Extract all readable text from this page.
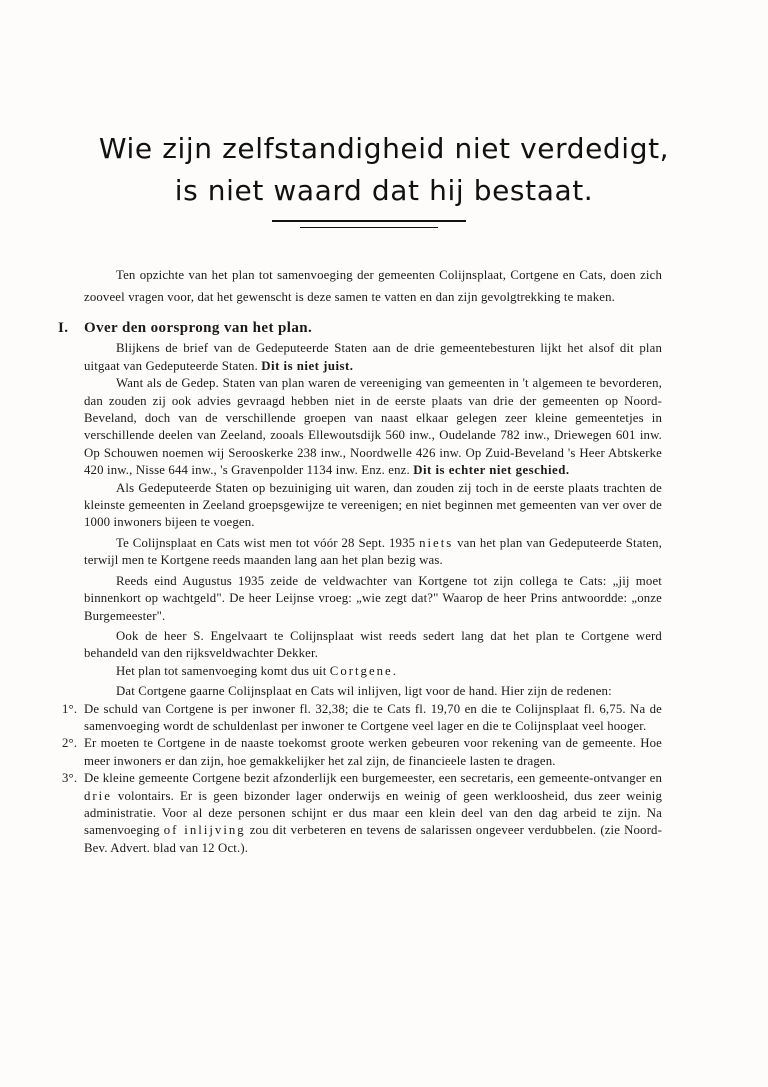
Wie zijn zelfstandigheid niet verdedigt,
is niet waard dat hij bestaat.

Ten opzichte van het plan tot samenvoeging der gemeenten Colijnsplaat, Cortgene en Cats, doen zich zooveel vragen voor, dat het gewenscht is deze samen te vatten en dan zijn gevolgtrekking te maken.

I. Over den oorsprong van het plan.

Blijkens de brief van de Gedeputeerde Staten aan de drie gemeentebesturen lijkt het alsof dit plan uitgaat van Gedeputeerde Staten. Dit is niet juist.

Want als de Gedep. Staten van plan waren de vereeniging van gemeenten in 't algemeen te bevorderen, dan zouden zij ook advies gevraagd hebben niet in de eerste plaats van drie der gemeenten op Noord-Beveland, doch van de verschillende groepen van naast elkaar gelegen zeer kleine gemeentetjes in verschillende deelen van Zeeland, zooals Ellewoutsdijk 560 inw., Oudelande 782 inw., Driewegen 601 inw. Op Schouwen noemen wij Serooskerke 238 inw., Noordwelle 426 inw. Op Zuid-Beveland 's Heer Abtskerke 420 inw., Nisse 644 inw., 's Gravenpolder 1134 inw. Enz. enz. Dit is echter niet geschied.

Als Gedeputeerde Staten op bezuiniging uit waren, dan zouden zij toch in de eerste plaats trachten de kleinste gemeenten in Zeeland groepsgewijze te vereenigen; en niet beginnen met gemeenten van ver over de 1000 inwoners bijeen te voegen.

Te Colijnsplaat en Cats wist men tot vóór 28 Sept. 1935 niets van het plan van Gedeputeerde Staten, terwijl men te Kortgene reeds maanden lang aan het plan bezig was.

Reeds eind Augustus 1935 zeide de veldwachter van Kortgene tot zijn collega te Cats: „jij moet binnenkort op wachtgeld". De heer Leijnse vroeg: „wie zegt dat?" Waarop de heer Prins antwoordde: „onze Burgemeester".

Ook de heer S. Engelvaart te Colijnsplaat wist reeds sedert lang dat het plan te Cortgene werd behandeld van den rijksveldwachter Dekker.

Het plan tot samenvoeging komt dus uit Cortgene.

Dat Cortgene gaarne Colijnsplaat en Cats wil inlijven, ligt voor de hand. Hier zijn de redenen:

1°. De schuld van Cortgene is per inwoner fl. 32,38; die te Cats fl. 19,70 en die te Colijnsplaat fl. 6,75. Na de samenvoeging wordt de schuldenlast per inwoner te Cortgene veel lager en die te Colijnsplaat veel hooger.
2°. Er moeten te Cortgene in de naaste toekomst groote werken gebeuren voor rekening van de gemeente. Hoe meer inwoners er dan zijn, hoe gemakkelijker het zal zijn, de financieele lasten te dragen.
3°. De kleine gemeente Cortgene bezit afzonderlijk een burgemeester, een secretaris, een gemeente-ontvanger en drie volontairs. Er is geen bizonder lager onderwijs en weinig of geen werkloosheid, dus zeer weinig administratie. Voor al deze personen schijnt er dus maar een klein deel van den dag arbeid te zijn. Na samenvoeging of inlijving zou dit verbeteren en tevens de salarissen ongeveer verdubbelen. (zie Noord-Bev. Advert. blad van 12 Oct.).
